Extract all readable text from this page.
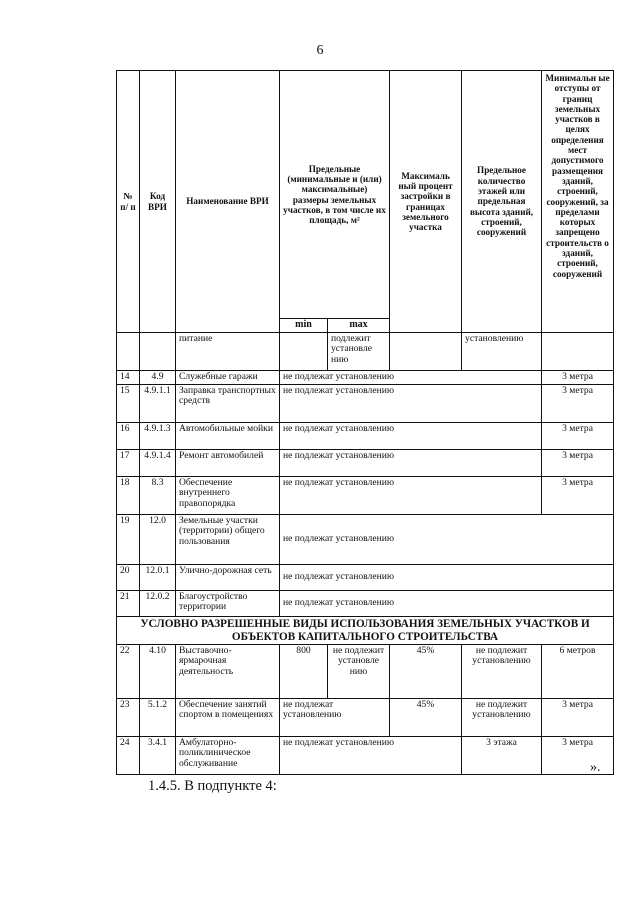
6
№ п/ п	Код ВРИ	Наименование ВРИ	Предельные (минимальные и (или) максимальные) размеры земельных участков, в том числе их площадь, м²		Максималь ный процент застройки в границах земельного участка	Предельное количество этажей или предельная высота зданий, строений, сооружений	Минимальн ые отступы от границ земельных участков в целях определения мест допустимого размещения зданий, строений, сооружений, за пределами которых запрещено строительств о зданий, строений, сооружений
			min	max			
		питание		подлежит установле нию		установлению	
14	4.9	Служебные гаражи	не подлежат установлению				3 метра
15	4.9.1.1	Заправка транспортных средств	не подлежат установлению				3 метра
16	4.9.1.3	Автомобильные мойки	не подлежат установлению				3 метра
17	4.9.1.4	Ремонт автомобилей	не подлежат установлению				3 метра
18	8.3	Обеспечение внутреннего правопорядка	не подлежат установлению				3 метра
19	12.0	Земельные участки (территории) общего пользования	не подлежат установлению				
20	12.0.1	Улично-дорожная сеть	не подлежат установлению				
21	12.0.2	Благоустройство территории	не подлежат установлению				
УСЛОВНО РАЗРЕШЕННЫЕ ВИДЫ ИСПОЛЬЗОВАНИЯ ЗЕМЕЛЬНЫХ УЧАСТКОВ И ОБЪЕКТОВ КАПИТАЛЬНОГО СТРОИТЕЛЬСТВА							
22	4.10	Выставочно-ярмарочная деятельность	800	не подлежит установле нию	45%	не подлежит установлению	6 метров
23	5.1.2	Обеспечение занятий спортом в помещениях	не подлежат установлению		45%	не подлежит установлению	3 метра
24	3.4.1	Амбулаторно-поликлиническое обслуживание	не подлежат установлению			3 этажа	3 метра
».
1.4.5. В подпункте 4:
